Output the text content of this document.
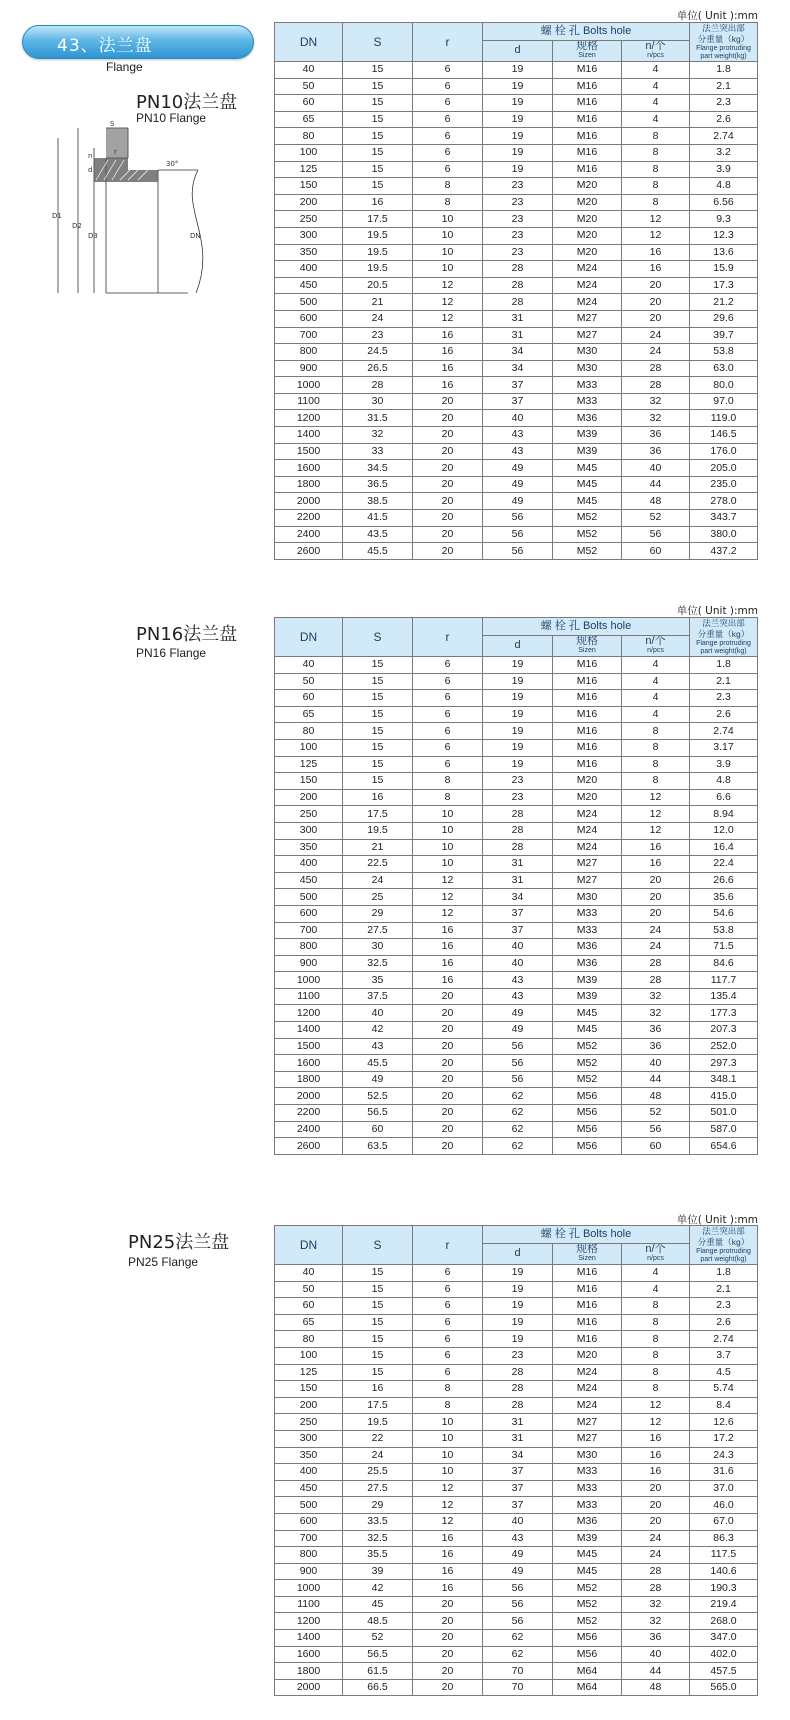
43、法兰盘
Flange
S
30°
r
d
n
D1
D2
D3	DN
PN10法兰盘
PN10 Flange
单位( Unit ):mm
PN16法兰盘
PN16 Flange
单位( Unit ):mm
PN25法兰盘
PN25 Flange
单位( Unit ):mm
DN	S	r	螺 栓 孔 Bolts hole			法兰突出部
分重量（kg）
Flange protruding
part weight(kg)

			d	规格
Sizen	n/个
n/pcs	

40	15	6	19	M16	4	1.8
50	15	6	19	M16	4	2.1
60	15	6	19	M16	4	2.3
65	15	6	19	M16	4	2.6
80	15	6	19	M16	8	2.74
100	15	6	19	M16	8	3.2
125	15	6	19	M16	8	3.9
150	15	8	23	M20	8	4.8
200	16	8	23	M20	8	6.56
250	17.5	10	23	M20	12	9.3
300	19.5	10	23	M20	12	12.3
350	19.5	10	23	M20	16	13.6
400	19.5	10	28	M24	16	15.9
450	20.5	12	28	M24	20	17.3
500	21	12	28	M24	20	21.2
600	24	12	31	M27	20	29.6
700	23	16	31	M27	24	39.7
800	24.5	16	34	M30	24	53.8
900	26.5	16	34	M30	28	63.0
1000	28	16	37	M33	28	80.0
1100	30	20	37	M33	32	97.0
1200	31.5	20	40	M36	32	119.0
1400	32	20	43	M39	36	146.5
1500	33	20	43	M39	36	176.0
1600	34.5	20	49	M45	40	205.0
1800	36.5	20	49	M45	44	235.0
2000	38.5	20	49	M45	48	278.0
2200	41.5	20	56	M52	52	343.7
2400	43.5	20	56	M52	56	380.0
2600	45.5	20	56	M52	60	437.2
DN	S	r	螺 栓 孔 Bolts hole			法兰突出部
分重量（kg）
Flange protruding
part weight(kg)

			d	规格
Sizen	n/个
n/pcs	

40	15	6	19	M16	4	1.8
50	15	6	19	M16	4	2.1
60	15	6	19	M16	4	2.3
65	15	6	19	M16	4	2.6
80	15	6	19	M16	8	2.74
100	15	6	19	M16	8	3.17
125	15	6	19	M16	8	3.9
150	15	8	23	M20	8	4.8
200	16	8	23	M20	12	6.6
250	17.5	10	28	M24	12	8.94
300	19.5	10	28	M24	12	12.0
350	21	10	28	M24	16	16.4
400	22.5	10	31	M27	16	22.4
450	24	12	31	M27	20	26.6
500	25	12	34	M30	20	35.6
600	29	12	37	M33	20	54.6
700	27.5	16	37	M33	24	53.8
800	30	16	40	M36	24	71.5
900	32.5	16	40	M36	28	84.6
1000	35	16	43	M39	28	117.7
1100	37.5	20	43	M39	32	135.4
1200	40	20	49	M45	32	177.3
1400	42	20	49	M45	36	207.3
1500	43	20	56	M52	36	252.0
1600	45.5	20	56	M52	40	297.3
1800	49	20	56	M52	44	348.1
2000	52.5	20	62	M56	48	415.0
2200	56.5	20	62	M56	52	501.0
2400	60	20	62	M56	56	587.0
2600	63.5	20	62	M56	60	654.6
DN	S	r	螺 栓 孔 Bolts hole			法兰突出部
分重量（kg）
Flange protruding
part weight(kg)

			d	规格
Sizen	n/个
n/pcs	

40	15	6	19	M16	4	1.8
50	15	6	19	M16	4	2.1
60	15	6	19	M16	8	2.3
65	15	6	19	M16	8	2.6
80	15	6	19	M16	8	2.74
100	15	6	23	M20	8	3.7
125	15	6	28	M24	8	4.5
150	16	8	28	M24	8	5.74
200	17.5	8	28	M24	12	8.4
250	19.5	10	31	M27	12	12.6
300	22	10	31	M27	16	17.2
350	24	10	34	M30	16	24.3
400	25.5	10	37	M33	16	31.6
450	27.5	12	37	M33	20	37.0
500	29	12	37	M33	20	46.0
600	33.5	12	40	M36	20	67.0
700	32.5	16	43	M39	24	86.3
800	35.5	16	49	M45	24	117.5
900	39	16	49	M45	28	140.6
1000	42	16	56	M52	28	190.3
1100	45	20	56	M52	32	219.4
1200	48.5	20	56	M52	32	268.0
1400	52	20	62	M56	36	347.0
1600	56.5	20	62	M56	40	402.0
1800	61.5	20	70	M64	44	457.5
2000	66.5	20	70	M64	48	565.0
